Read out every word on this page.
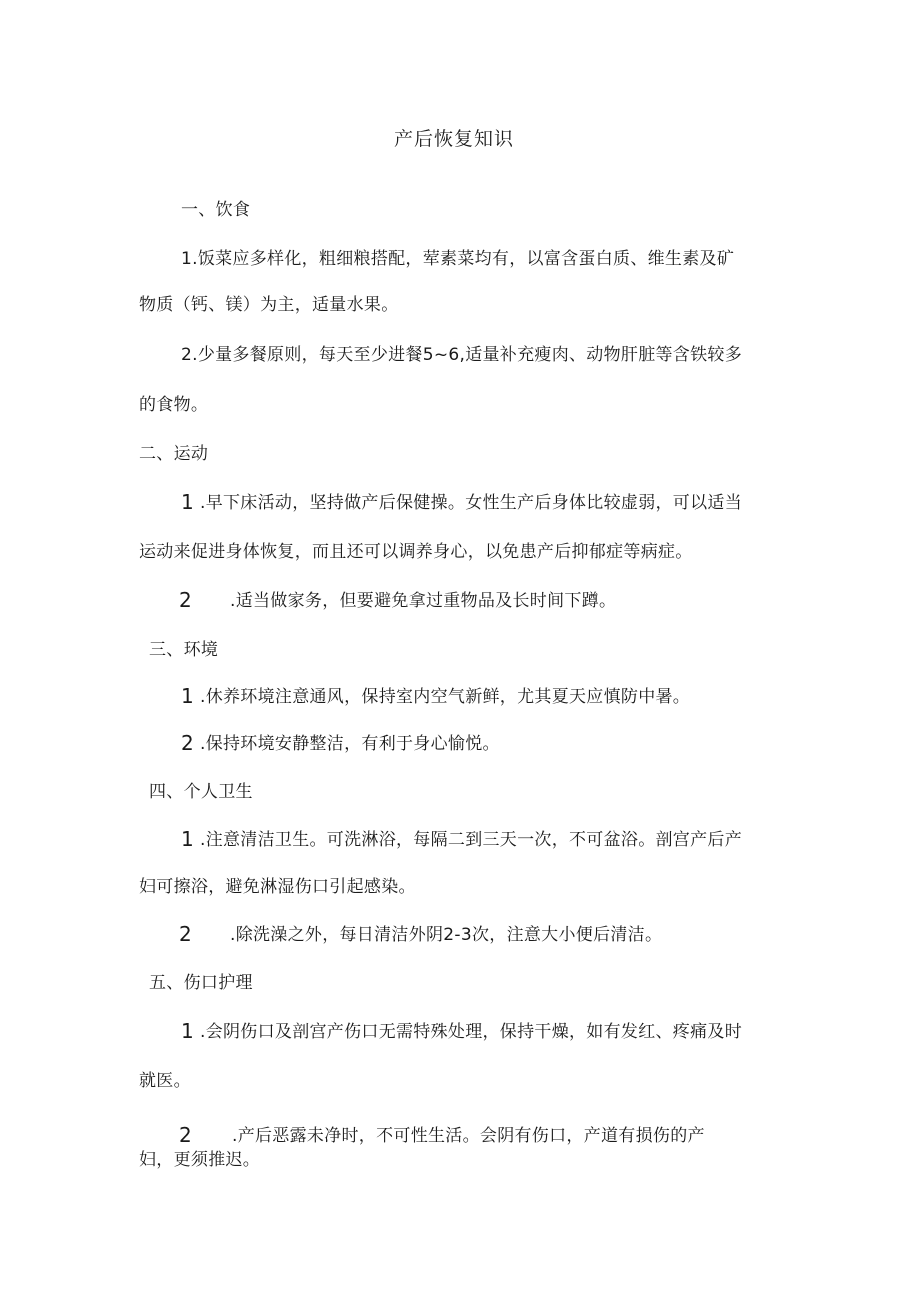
产后恢复知识
一、饮食
1.饭菜应多样化，粗细粮搭配，荤素菜均有，以富含蛋白质、维生素及矿
物质（钙、镁）为主，适量水果。
2.少量多餐原则，每天至少进餐5~6,适量补充瘦肉、动物肝脏等含铁较多
的食物。
二、运动
1 .早下床活动，坚持做产后保健操。女性生产后身体比较虚弱，可以适当
运动来促进身体恢复，而且还可以调养身心，以免患产后抑郁症等病症。
2 .适当做家务，但要避免拿过重物品及长时间下蹲。
三、环境
1 .休养环境注意通风，保持室内空气新鲜，尤其夏天应慎防中暑。
2 .保持环境安静整洁，有利于身心愉悦。
四、个人卫生
1 .注意清洁卫生。可洗淋浴，每隔二到三天一次，不可盆浴。剖宫产后产
妇可擦浴，避免淋湿伤口引起感染。
2 .除洗澡之外，每日清洁外阴2-3次，注意大小便后清洁。
五、伤口护理
1 .会阴伤口及剖宫产伤口无需特殊处理，保持干燥，如有发红、疼痛及时
就医。
2 .产后恶露未净时，不可性生活。会阴有伤口，产道有损伤的产
妇，更须推迟。
